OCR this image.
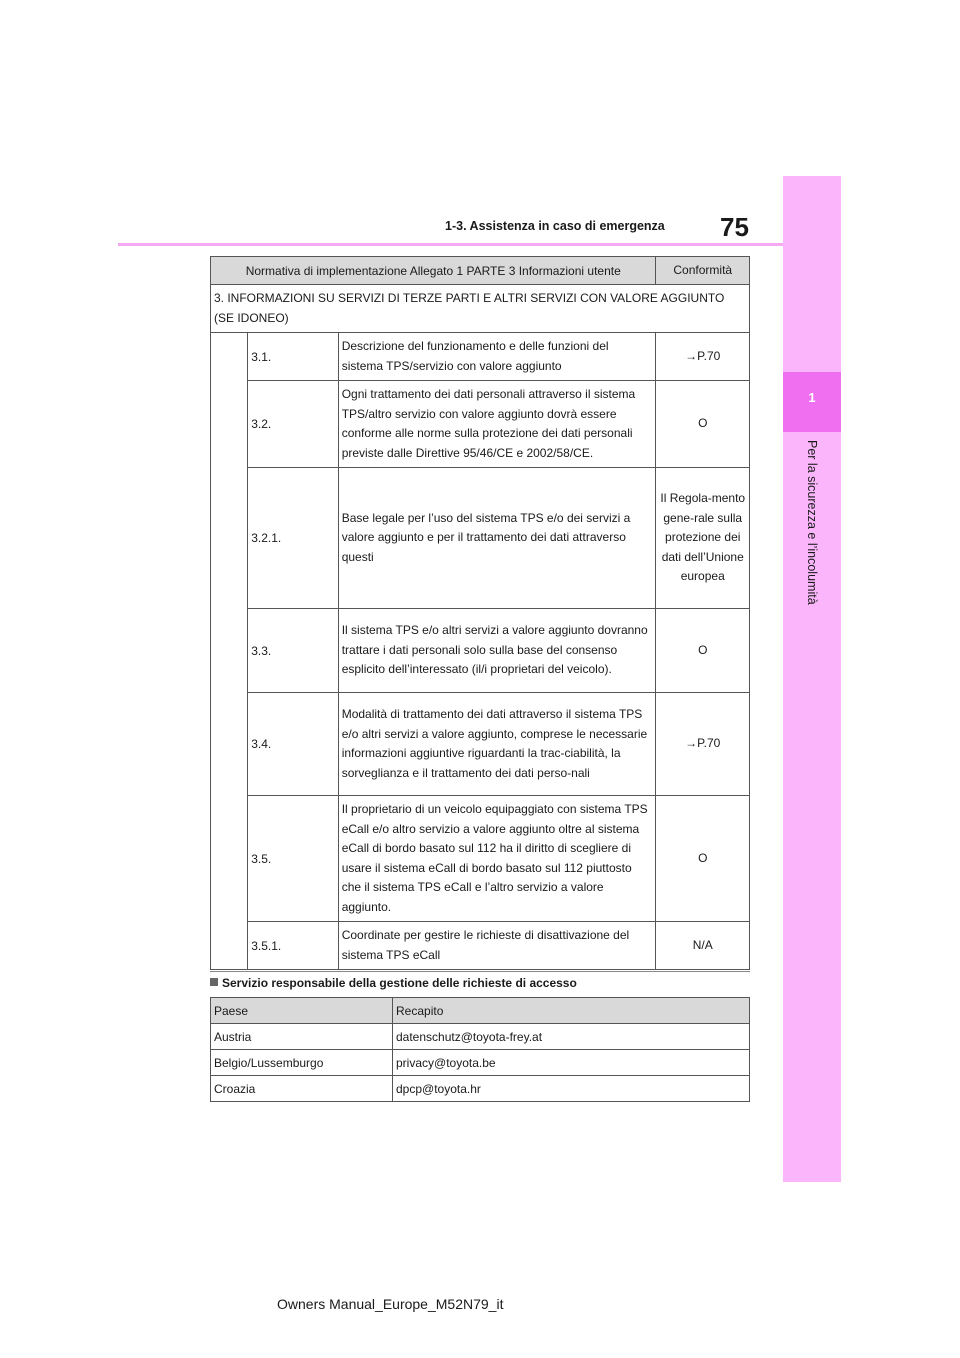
75
1-3. Assistenza in caso di emergenza
1
Per la sicurezza e l’incolumità
Normativa di implementazione Allegato 1 PARTE 3 Informazioni utente			Conformità
3. INFORMAZIONI SU SERVIZI DI TERZE PARTI E ALTRI SERVIZI CON VALORE AGGIUNTO (SE IDONEO)			
	3.1.	Descrizione del funzionamento e delle funzioni del sistema TPS/servizio con valore aggiunto	→P.70
	3.2.	Ogni trattamento dei dati personali attraverso il sistema TPS/altro servizio con valore aggiunto dovrà essere conforme alle norme sulla protezione dei dati personali previste dalle Direttive 95/46/CE e 2002/58/CE.	O
	3.2.1.	Base legale per l’uso del sistema TPS e/o dei servizi a valore aggiunto e per il trattamento dei dati attraverso questi	Il Regola-mento gene-rale sulla protezione dei dati dell’Unione europea
	3.3.	Il sistema TPS e/o altri servizi a valore aggiunto dovranno trattare i dati personali solo sulla base del consenso esplicito dell’interessato (il/i proprietari del veicolo).	O
	3.4.	Modalità di trattamento dei dati attraverso il sistema TPS e/o altri servizi a valore aggiunto, comprese le necessarie informazioni aggiuntive riguardanti la trac-ciabilità, la sorveglianza e il trattamento dei dati perso-nali	→P.70
	3.5.	Il proprietario di un veicolo equipaggiato con sistema TPS eCall e/o altro servizio a valore aggiunto oltre al sistema eCall di bordo basato sul 112 ha il diritto di scegliere di usare il sistema eCall di bordo basato sul 112 piuttosto che il sistema TPS eCall e l’altro servizio a valore aggiunto.	O
	3.5.1.	Coordinate per gestire le richieste di disattivazione del sistema TPS eCall	N/A
Servizio responsabile della gestione delle richieste di accesso
Paese	Recapito
Austria	datenschutz@toyota-frey.at
Belgio/Lussemburgo	privacy@toyota.be
Croazia	dpcp@toyota.hr
Owners Manual_Europe_M52N79_it
